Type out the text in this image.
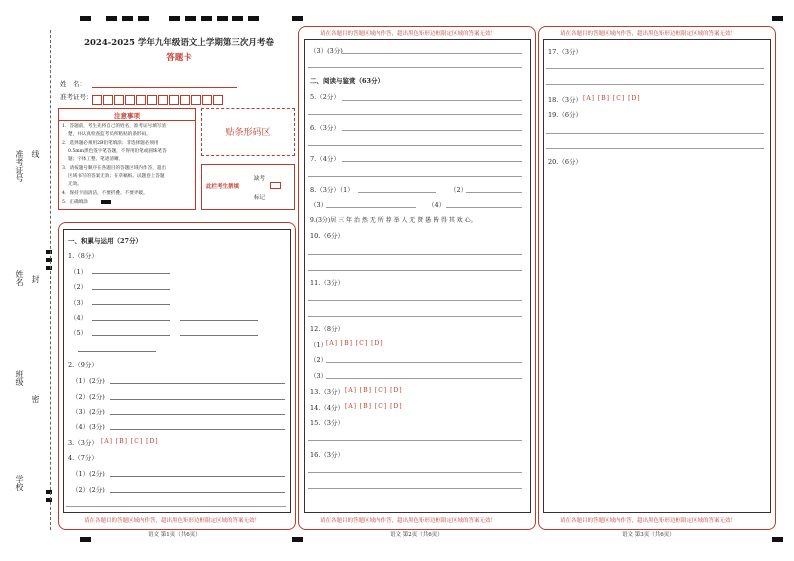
准考证号 线
姓名 封
班级
密
学校
2024-2025 学年九年级语文上学期第三次月考卷
答题卡
姓　名：
准考证号：
注意事项
1．答题前，考生先将自己的姓名，准考证号填写清
楚，并认真检查监考员所粘贴的条形码。
2．选择题必须用2B铅笔填涂；非选择题必须用
0.5mm黑色签字笔答题，不得用铅笔或圆珠笔答
题；字体工整、笔迹清晰。
3．请按题号顺序在各题目的答题区域内作答，超出
区域书写的答案无效；在草稿纸、试题卷上答题
无效。
4．保持卡面清洁，不要折叠、不要弄破。
5．正确填涂
贴条形码区
此栏考生禁填
缺考
标记
一、积累与运用（27分）
1.（8分）
（1）
（2）
（3）
（4）
（5）
2.（9分）
（1）(2分)
（2）(2分)
（3）(2分)
（4）(3分)
3.（3分） [A] [B] [C] [D]
4.（7分）
（1）(2分)
（2）(2分)
请在各题目的答题区域内作答，超出黑色矩形边框限定区域的答案无效！
语文 第1页（共6页）
请在各题目的答题区域内作答，超出黑色矩形边框限定区域的答案无效！
（3）(3分)
二、阅读与鉴赏（63分）
5.（2分）
6.（3分）
7.（4分）
8.（3分）（1）	（2）
（3）	（4）
9.(3分)居 三 年 治 然 无 所 荐 举 人 无 贤 愚 皆 得 其 欢 心。
10.（6分）
11.（3分）
12.（8分）
（1）
[A] [B] [C] [D]
（2）
（3）
13.（3分） [A] [B] [C] [D]
14.（4分） [A] [B] [C] [D]
15.（3分）
16.（3分）
请在各题目的答题区域内作答，超出黑色矩形边框限定区域的答案无效！
语文 第2页（共6页）
请在各题目的答题区域内作答，超出黑色矩形边框限定区域的答案无效！
17.（3分）
18.（3分） [A] [B] [C] [D]
19.（6分）
20.（6分）
请在各题目的答题区域内作答，超出黑色矩形边框限定区域的答案无效！
语文 第3页（共6页）
